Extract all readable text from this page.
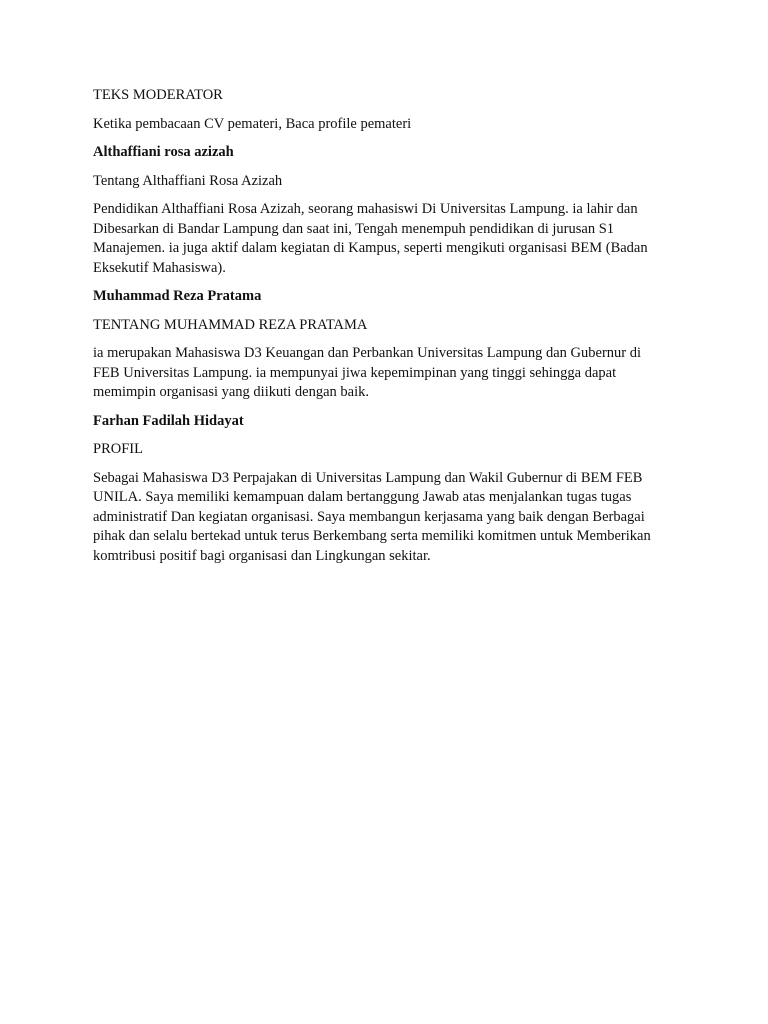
TEKS MODERATOR

Ketika pembacaan CV pemateri, Baca profile pemateri

Althaffiani rosa azizah

Tentang Althaffiani Rosa Azizah

Pendidikan Althaffiani Rosa Azizah, seorang mahasiswi Di Universitas Lampung. ia lahir dan Dibesarkan di Bandar Lampung dan saat ini, Tengah menempuh pendidikan di jurusan S1 Manajemen. ia juga aktif dalam kegiatan di Kampus, seperti mengikuti organisasi BEM (Badan Eksekutif Mahasiswa).

Muhammad Reza Pratama

TENTANG MUHAMMAD REZA PRATAMA

ia merupakan Mahasiswa D3 Keuangan dan Perbankan Universitas Lampung dan Gubernur di FEB Universitas Lampung. ia mempunyai jiwa kepemimpinan yang tinggi sehingga dapat memimpin organisasi yang diikuti dengan baik.

Farhan Fadilah Hidayat

PROFIL

Sebagai Mahasiswa D3 Perpajakan di Universitas Lampung dan Wakil Gubernur di BEM FEB UNILA. Saya memiliki kemampuan dalam bertanggung Jawab atas menjalankan tugas tugas administratif Dan kegiatan organisasi. Saya membangun kerjasama yang baik dengan Berbagai pihak dan selalu bertekad untuk terus Berkembang serta memiliki komitmen untuk Memberikan komtribusi positif bagi organisasi dan Lingkungan sekitar.
